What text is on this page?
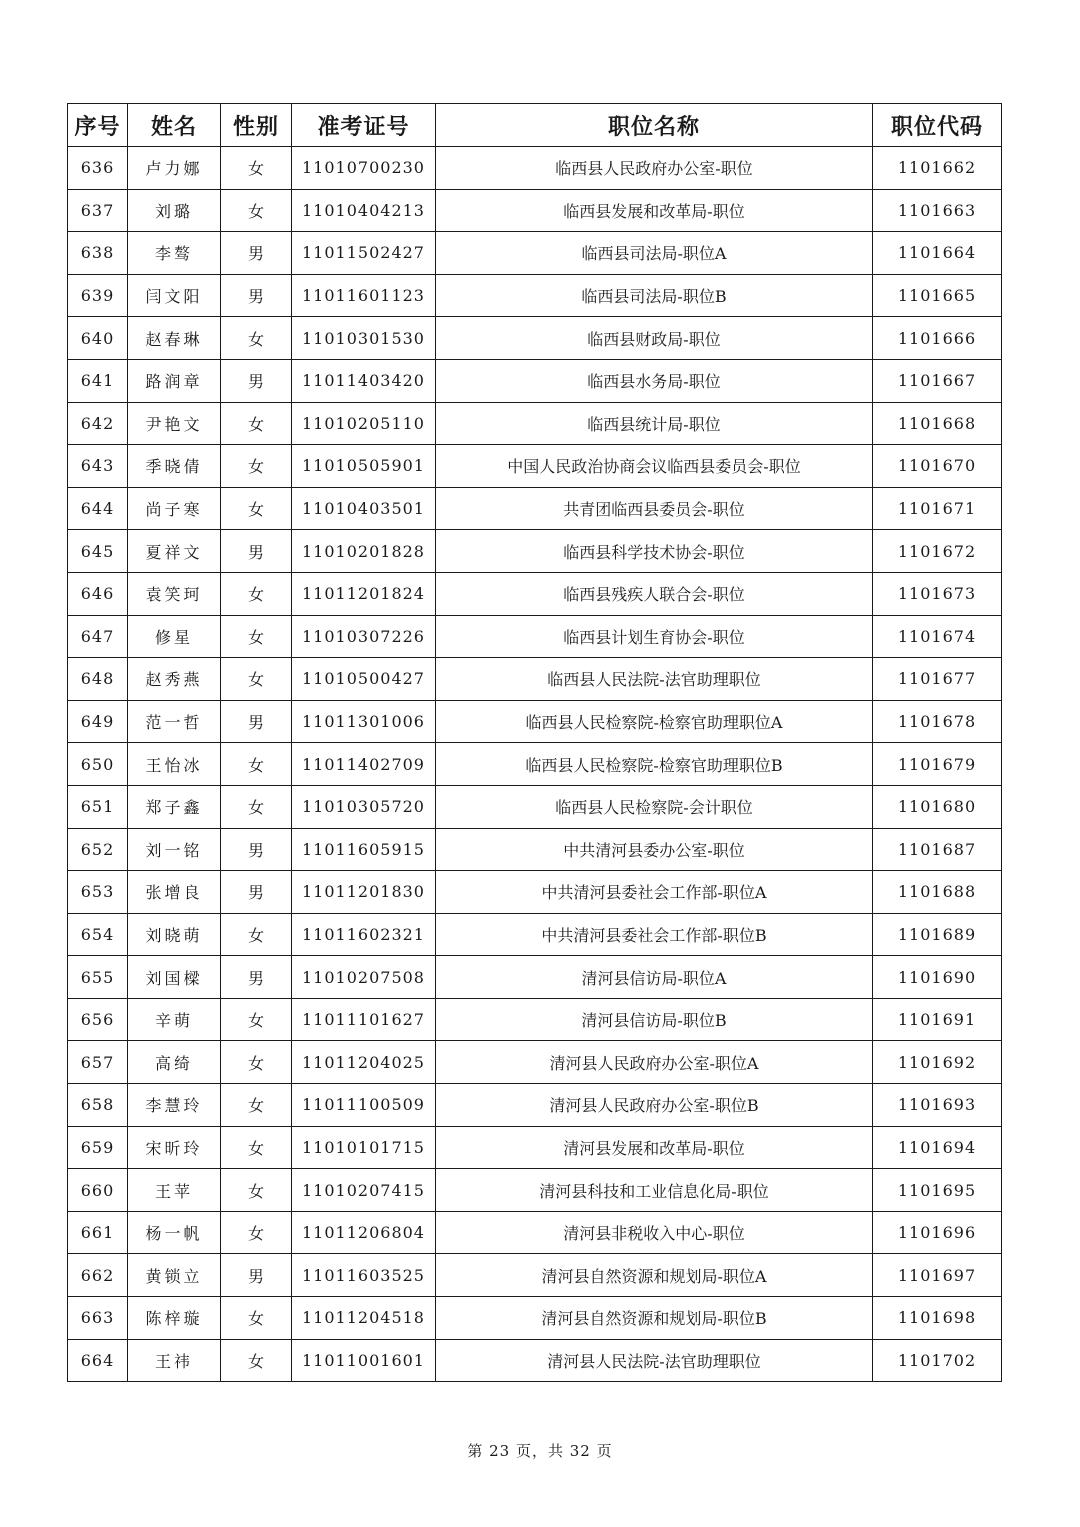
序号	姓名	性别	准考证号	职位名称	职位代码
636	卢力娜	女	11010700230	临西县人民政府办公室-职位	1101662
637	刘璐	女	11010404213	临西县发展和改革局-职位	1101663
638	李骜	男	11011502427	临西县司法局-职位A	1101664
639	闫文阳	男	11011601123	临西县司法局-职位B	1101665
640	赵春琳	女	11010301530	临西县财政局-职位	1101666
641	路润章	男	11011403420	临西县水务局-职位	1101667
642	尹艳文	女	11010205110	临西县统计局-职位	1101668
643	季晓倩	女	11010505901	中国人民政治协商会议临西县委员会-职位	1101670
644	尚子寒	女	11010403501	共青团临西县委员会-职位	1101671
645	夏祥文	男	11010201828	临西县科学技术协会-职位	1101672
646	袁笑珂	女	11011201824	临西县残疾人联合会-职位	1101673
647	修星	女	11010307226	临西县计划生育协会-职位	1101674
648	赵秀燕	女	11010500427	临西县人民法院-法官助理职位	1101677
649	范一哲	男	11011301006	临西县人民检察院-检察官助理职位A	1101678
650	王怡冰	女	11011402709	临西县人民检察院-检察官助理职位B	1101679
651	郑子鑫	女	11010305720	临西县人民检察院-会计职位	1101680
652	刘一铭	男	11011605915	中共清河县委办公室-职位	1101687
653	张增良	男	11011201830	中共清河县委社会工作部-职位A	1101688
654	刘晓萌	女	11011602321	中共清河县委社会工作部-职位B	1101689
655	刘国樑	男	11010207508	清河县信访局-职位A	1101690
656	辛萌	女	11011101627	清河县信访局-职位B	1101691
657	高绮	女	11011204025	清河县人民政府办公室-职位A	1101692
658	李慧玲	女	11011100509	清河县人民政府办公室-职位B	1101693
659	宋昕玲	女	11010101715	清河县发展和改革局-职位	1101694
660	王苹	女	11010207415	清河县科技和工业信息化局-职位	1101695
661	杨一帆	女	11011206804	清河县非税收入中心-职位	1101696
662	黄锁立	男	11011603525	清河县自然资源和规划局-职位A	1101697
663	陈梓璇	女	11011204518	清河县自然资源和规划局-职位B	1101698
664	王祎	女	11011001601	清河县人民法院-法官助理职位	1101702
第 23 页，共 32 页
